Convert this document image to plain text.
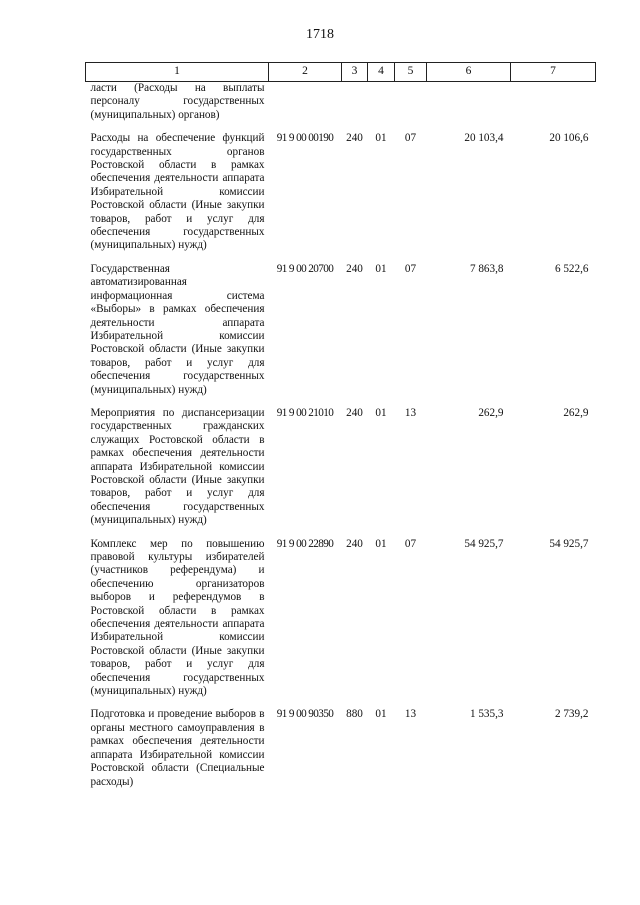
1718
1	2	3	4	5	6	7
ласти (Расходы на выплаты персоналу государственных (муниципальных) органов)						
Расходы на обеспечение функций государственных органов Ростовской области в рамках обеспечения деятельности аппарата Избирательной комиссии Ростовской области (Иные закупки товаров, работ и услуг для обеспечения государственных (муниципальных) нужд)	91 9 00 00190	240	01	07	20 103,4	20 106,6
Государственная автоматизированная информационная система «Выборы» в рамках обеспечения деятельности аппарата Избирательной комиссии Ростовской области (Иные закупки товаров, работ и услуг для обеспечения государственных (муниципальных) нужд)	91 9 00 20700	240	01	07	7 863,8	6 522,6
Мероприятия по диспансеризации государственных гражданских служащих Ростовской области в рамках обеспечения деятельности аппарата Избирательной комиссии Ростовской области (Иные закупки товаров, работ и услуг для обеспечения государственных (муниципальных) нужд)	91 9 00 21010	240	01	13	262,9	262,9
Комплекс мер по повышению правовой культуры избирателей (участников референдума) и обеспечению организаторов выборов и референдумов в Ростовской области в рамках обеспечения деятельности аппарата Избирательной комиссии Ростовской области (Иные закупки товаров, работ и услуг для обеспечения государственных (муниципальных) нужд)	91 9 00 22890	240	01	07	54 925,7	54 925,7
Подготовка и проведение выборов в органы местного самоуправления в рамках обеспечения деятельности аппарата Избирательной комиссии Ростовской области (Специальные расходы)	91 9 00 90350	880	01	13	1 535,3	2 739,2
